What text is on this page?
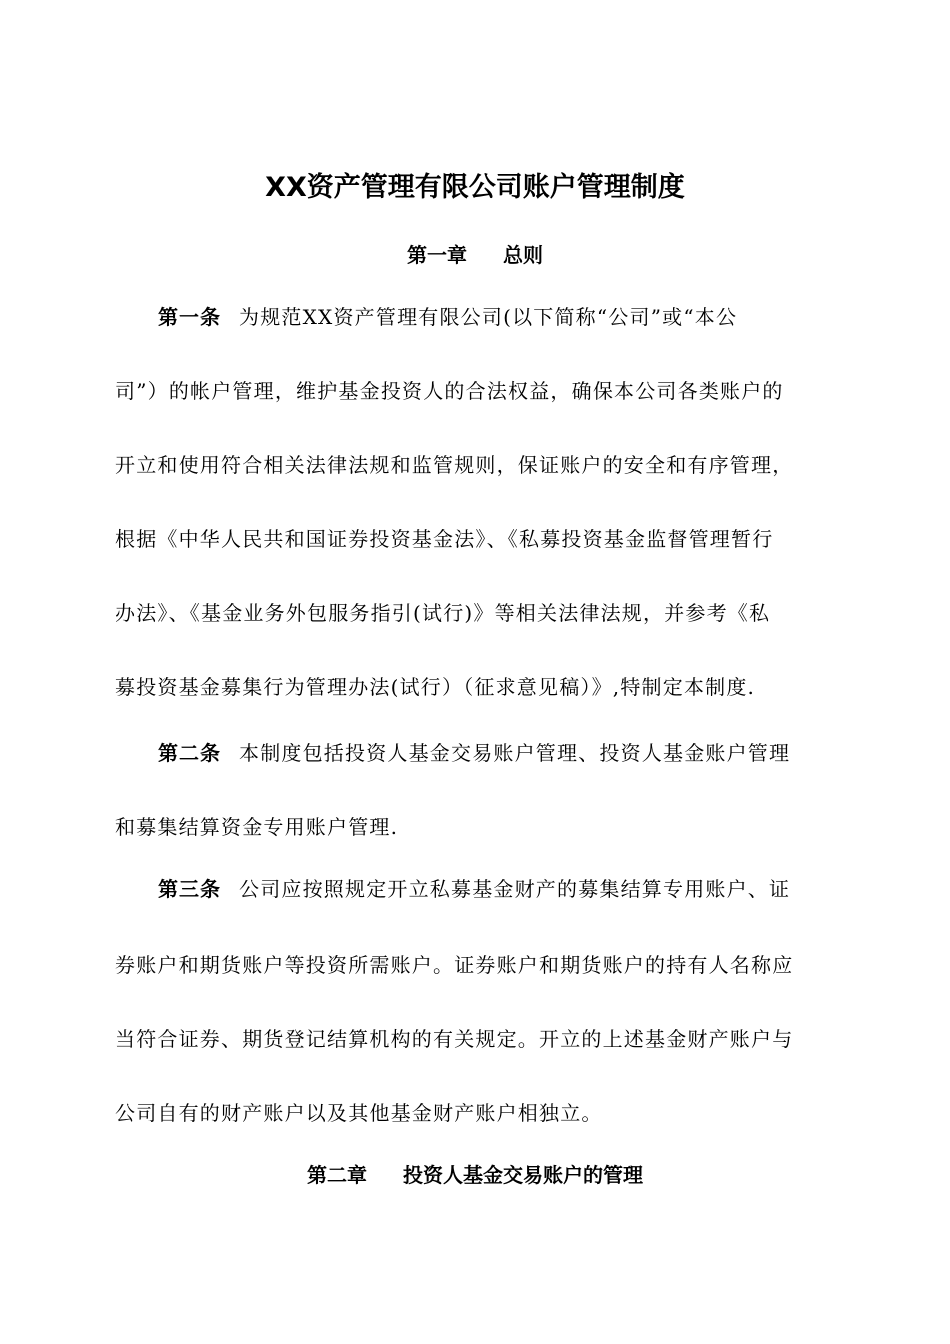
XX资产管理有限公司账户管理制度
第一章 总则
第一条 为规范XX资产管理有限公司(以下简称“公司”或“本公
司”）的帐户管理，维护基金投资人的合法权益，确保本公司各类账户的
开立和使用符合相关法律法规和监管规则，保证账户的安全和有序管理，
根据《中华人民共和国证券投资基金法》、《私募投资基金监督管理暂行
办法》、《基金业务外包服务指引(试行)》等相关法律法规，并参考《私
募投资基金募集行为管理办法(试行）（征求意见稿）》,特制定本制度.
第二条 本制度包括投资人基金交易账户管理、投资人基金账户管理
和募集结算资金专用账户管理.
第三条 公司应按照规定开立私募基金财产的募集结算专用账户、证
券账户和期货账户等投资所需账户。证券账户和期货账户的持有人名称应
当符合证券、期货登记结算机构的有关规定。开立的上述基金财产账户与
公司自有的财产账户以及其他基金财产账户相独立。
第二章 投资人基金交易账户的管理
